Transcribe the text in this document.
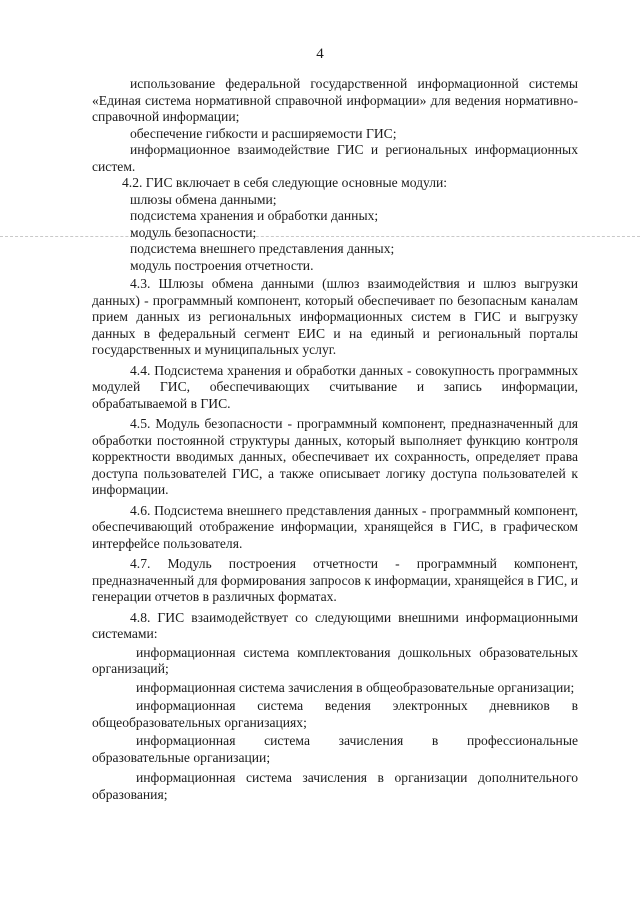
4

использование федеральной государственной информационной системы «Единая система нормативной справочной информации» для ведения нормативно-справочной информации;

обеспечение гибкости и расширяемости ГИС;

информационное взаимодействие ГИС и региональных информационных систем.

4.2. ГИС включает в себя следующие основные модули:

шлюзы обмена данными;

подсистема хранения и обработки данных;

модуль безопасности;

подсистема внешнего представления данных;

модуль построения отчетности.

4.3. Шлюзы обмена данными (шлюз взаимодействия и шлюз выгрузки данных) - программный компонент, который обеспечивает по безопасным каналам прием данных из региональных информационных систем в ГИС и выгрузку данных в федеральный сегмент ЕИС и на единый и региональный порталы государственных и муниципальных услуг.

4.4. Подсистема хранения и обработки данных - совокупность программных модулей ГИС, обеспечивающих считывание и запись информации, обрабатываемой в ГИС.

4.5. Модуль безопасности - программный компонент, предназначенный для обработки постоянной структуры данных, который выполняет функцию контроля корректности вводимых данных, обеспечивает их сохранность, определяет права доступа пользователей ГИС, а также описывает логику доступа пользователей к информации.

4.6. Подсистема внешнего представления данных - программный компонент, обеспечивающий отображение информации, хранящейся в ГИС, в графическом интерфейсе пользователя.

4.7. Модуль построения отчетности - программный компонент, предназначенный для формирования запросов к информации, хранящейся в ГИС, и генерации отчетов в различных форматах.

4.8. ГИС взаимодействует со следующими внешними информационными системами:

информационная система комплектования дошкольных образовательных организаций;

информационная система зачисления в общеобразовательные организации;

информационная система ведения электронных дневников в общеобразовательных организациях;

информационная система зачисления в профессиональные образовательные организации;

информационная система зачисления в организации дополнительного образования;
